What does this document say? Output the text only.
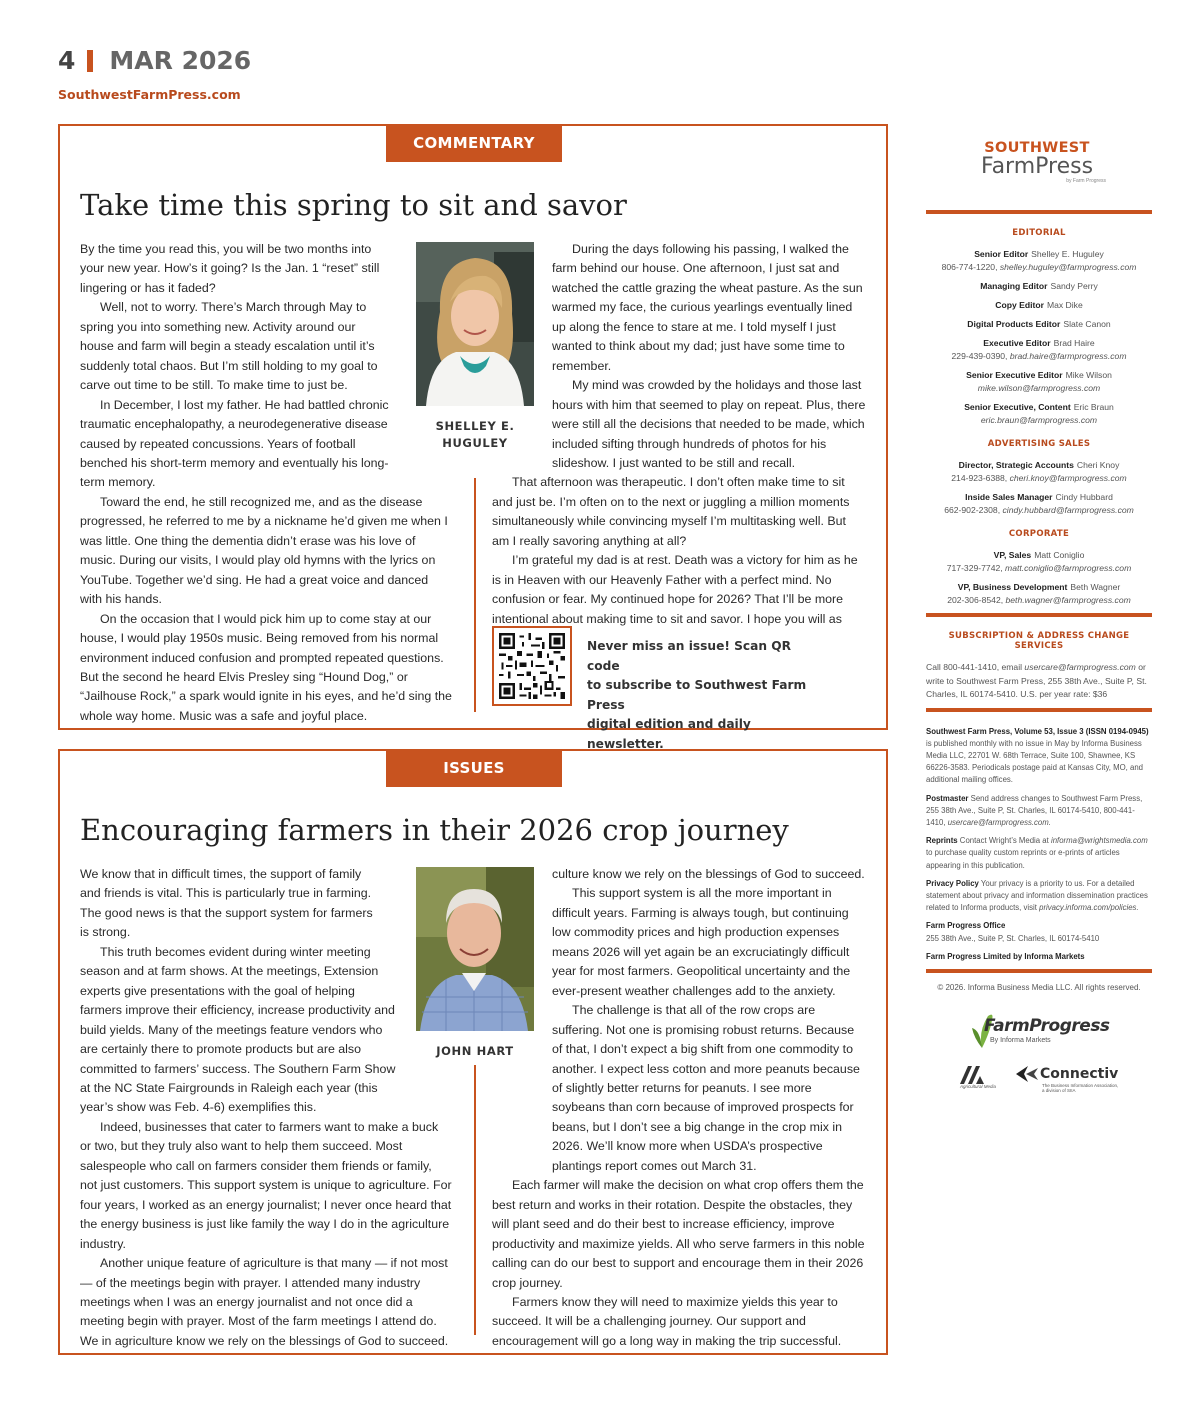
4 MAR 2026
SouthwestFarmPress.com
COMMENTARY
Take time this spring to sit and savor

By the time you read this, you will be two months into your new year. How’s it going? Is the Jan. 1 “reset” still lingering or has it faded?

Well, not to worry. There’s March through May to spring you into something new. Activity around our house and farm will begin a steady escalation until it’s suddenly total chaos. But I’m still holding to my goal to carve out time to be still. To make time to just be.

In December, I lost my father. He had battled chronic traumatic encephalopathy, a neurodegenerative disease caused by repeated concussions. Years of football benched his short-term memory and eventually his long-term memory.

Toward the end, he still recognized me, and as the disease progressed, he referred to me by a nickname he’d given me when I was little. One thing the dementia didn’t erase was his love of music. During our visits, I would play old hymns with the lyrics on YouTube. Together we’d sing. He had a great voice and danced with his hands.

On the occasion that I would pick him up to come stay at our house, I would play 1950s music. Being removed from his normal environment induced confusion and prompted repeated questions. But the second he heard Elvis Presley sing “Hound Dog,” or “Jailhouse Rock,” a spark would ignite in his eyes, and he’d sing the whole way home. Music was a safe and joyful place.

SHELLEY E.
HUGULEY

During the days following his passing, I walked the farm behind our house. One afternoon, I just sat and watched the cattle grazing the wheat pasture. As the sun warmed my face, the curious yearlings eventually lined up along the fence to stare at me. I told myself I just wanted to think about my dad; just have some time to remember.

My mind was crowded by the holidays and those last hours with him that seemed to play on repeat. Plus, there were still all the decisions that needed to be made, which included sifting through hundreds of photos for his slideshow. I just wanted to be still and recall.

That afternoon was therapeutic. I don’t often make time to sit and just be. I’m often on to the next or juggling a million moments simultaneously while convincing myself I’m multitasking well. But am I really savoring anything at all?

I’m grateful my dad is at rest. Death was a victory for him as he is in Heaven with our Heavenly Father with a perfect mind. No confusion or fear. My continued hope for 2026? That I’ll be more intentional about making time to sit and savor. I hope you will as

Never miss an issue! Scan QR code
to subscribe to Southwest Farm Press
digital edition and daily newsletter.
ISSUES
Encouraging farmers in their 2026 crop journey

We know that in difficult times, the support of family and friends is vital. This is particularly true in farming. The good news is that the support system for farmers is strong.

This truth becomes evident during winter meeting season and at farm shows. At the meetings, Extension experts give presentations with the goal of helping farmers improve their efficiency, increase productivity and build yields. Many of the meetings feature vendors who are certainly there to promote products but are also committed to farmers’ success. The Southern Farm Show at the NC State Fairgrounds in Raleigh each year (this year’s show was Feb. 4-6) exemplifies this.

Indeed, businesses that cater to farmers want to make a buck or two, but they truly also want to help them succeed. Most salespeople who call on farmers consider them friends or family, not just customers. This support system is unique to agriculture. For four years, I worked as an energy journalist; I never once heard that the energy business is just like family the way I do in the agriculture industry.

Another unique feature of agriculture is that many — if not most — of the meetings begin with prayer. I attended many industry meetings when I was an energy journalist and not once did a meeting begin with prayer. Most of the farm meetings I attend do. We in agriculture know we rely on the blessings of God to succeed.

JOHN HART
culture know we rely on the blessings of God to succeed.

This support system is all the more important in difficult years. Farming is always tough, but continuing low commodity prices and high production expenses means 2026 will yet again be an excruciatingly difficult year for most farmers. Geopolitical uncertainty and the ever-present weather challenges add to the anxiety.

The challenge is that all of the row crops are suffering. Not one is promising robust returns. Because of that, I don’t expect a big shift from one commodity to another. I expect less cotton and more peanuts because of slightly better returns for peanuts. I see more soybeans than corn because of improved prospects for beans, but I don’t see a big change in the crop mix in 2026. We’ll know more when USDA’s prospective plantings report comes out March 31.

Each farmer will make the decision on what crop offers them the best return and works in their rotation. Despite the obstacles, they will plant seed and do their best to increase efficiency, improve productivity and maximize yields. All who serve farmers in this noble calling can do our best to support and encourage them in their 2026 crop journey.

Farmers know they will need to maximize yields this year to succeed. It will be a challenging journey. Our support and encouragement will go a long way in making the trip successful.

SOUTHWEST
FarmPress
by Farm Progress
EDITORIAL
Senior Editor Shelley E. Huguley
806-774-1220, shelley.huguley@farmprogress.com
Managing Editor Sandy Perry
Copy Editor Max Dike
Digital Products Editor Slate Canon
Executive Editor Brad Haire
229-439-0390, brad.haire@farmprogress.com
Senior Executive Editor Mike Wilson
mike.wilson@farmprogress.com
Senior Executive, Content Eric Braun
eric.braun@farmprogress.com
ADVERTISING SALES
Director, Strategic Accounts Cheri Knoy
214-923-6388, cheri.knoy@farmprogress.com
Inside Sales Manager Cindy Hubbard
662-902-2308, cindy.hubbard@farmprogress.com
CORPORATE
VP, Sales Matt Coniglio
717-329-7742, matt.coniglio@farmprogress.com
VP, Business Development Beth Wagner
202-306-8542, beth.wagner@farmprogress.com
SUBSCRIPTION & ADDRESS CHANGE SERVICES
Call 800-441-1410, email usercare@farmprogress.com or write to Southwest Farm Press, 255 38th Ave., Suite P, St. Charles, IL 60174-5410. U.S. per year rate: $36
Southwest Farm Press, Volume 53, Issue 3 (ISSN 0194-0945)
is published monthly with no issue in May by Informa Business Media LLC, 22701 W. 68th Terrace, Suite 100, Shawnee, KS 66226-3583. Periodicals postage paid at Kansas City, MO, and additional mailing offices.
Postmaster Send address changes to Southwest Farm Press, 255 38th Ave., Suite P, St. Charles, IL 60174-5410, 800-441-1410, usercare@farmprogress.com.
Reprints Contact Wright’s Media at informa@wrightsmedia.com to purchase quality custom reprints or e-prints of articles appearing in this publication.
Privacy Policy Your privacy is a priority to us. For a detailed statement about privacy and information dissemination practices related to Informa products, visit privacy.informa.com/policies.
Farm Progress Office
255 38th Ave., Suite P, St. Charles, IL 60174-5410
Farm Progress Limited by Informa Markets
© 2026. Informa Business Media LLC. All rights reserved.
FarmProgress
By Informa Markets
Agricultural Media
Connectiv
The Business Information Association, a division of SIIA
